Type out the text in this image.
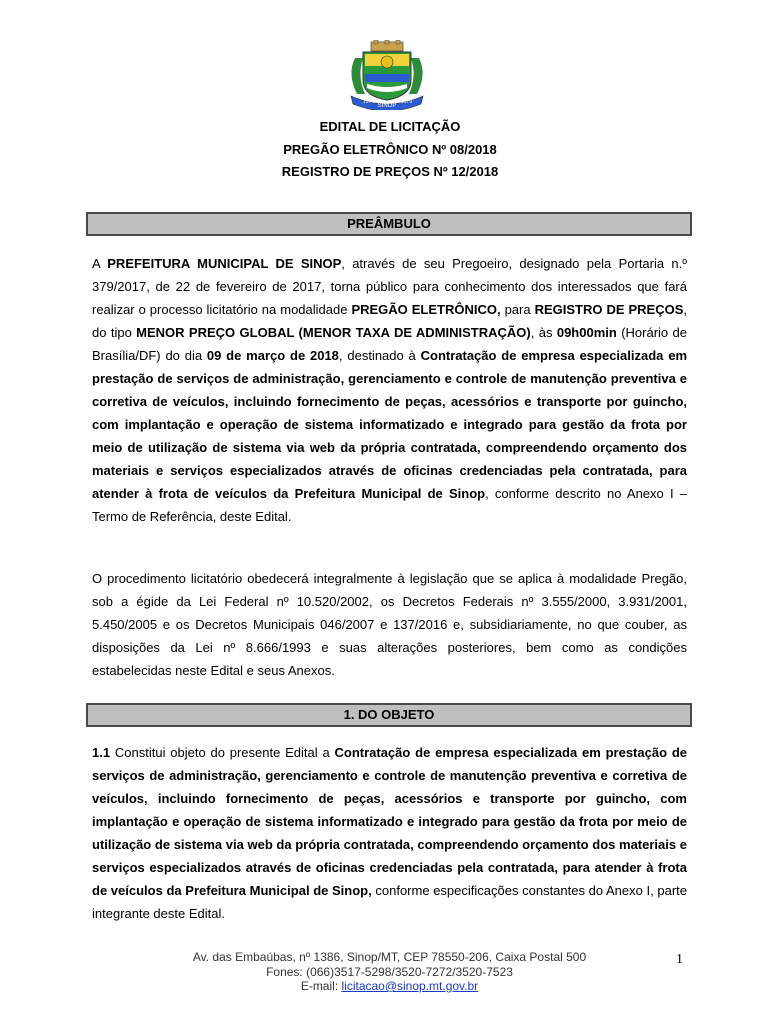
1974
SINOP
1979
EDITAL DE LICITAÇÃO
PREGÃO ELETRÔNICO Nº 08/2018
REGISTRO DE PREÇOS Nº 12/2018
PREÂMBULO

A PREFEITURA MUNICIPAL DE SINOP, através de seu Pregoeiro, designado pela Portaria n.º 379/2017, de 22 de fevereiro de 2017, torna público para conhecimento dos interessados que fará realizar o processo licitatório na modalidade PREGÃO ELETRÔNICO, para REGISTRO DE PREÇOS, do tipo MENOR PREÇO GLOBAL (MENOR TAXA DE ADMINISTRAÇÃO), às 09h00min (Horário de Brasília/DF) do dia 09 de março de 2018, destinado à Contratação de empresa especializada em prestação de serviços de administração, gerenciamento e controle de manutenção preventiva e corretiva de veículos, incluindo fornecimento de peças, acessórios e transporte por guincho, com implantação e operação de sistema informatizado e integrado para gestão da frota por meio de utilização de sistema via web da própria contratada, compreendendo orçamento dos materiais e serviços especializados através de oficinas credenciadas pela contratada, para atender à frota de veículos da Prefeitura Municipal de Sinop, conforme descrito no Anexo I – Termo de Referência, deste Edital.

O procedimento licitatório obedecerá integralmente à legislação que se aplica à modalidade Pregão, sob a égide da Lei Federal nº 10.520/2002, os Decretos Federais nº 3.555/2000, 3.931/2001, 5.450/2005 e os Decretos Municipais 046/2007 e 137/2016 e, subsidiariamente, no que couber, as disposições da Lei nº 8.666/1993 e suas alterações posteriores, bem como as condições estabelecidas neste Edital e seus Anexos.

1. DO OBJETO

1.1 Constitui objeto do presente Edital a Contratação de empresa especializada em prestação de serviços de administração, gerenciamento e controle de manutenção preventiva e corretiva de veículos, incluindo fornecimento de peças, acessórios e transporte por guincho, com implantação e operação de sistema informatizado e integrado para gestão da frota por meio de utilização de sistema via web da própria contratada, compreendendo orçamento dos materiais e serviços especializados através de oficinas credenciadas pela contratada, para atender à frota de veículos da Prefeitura Municipal de Sinop, conforme especificações constantes do Anexo I, parte integrante deste Edital.

Av. das Embaúbas, nº 1386, Sinop/MT, CEP 78550-206, Caixa Postal 500
Fones: (066)3517-5298/3520-7272/3520-7523
E-mail: licitacao@sinop.mt.gov.br
1
